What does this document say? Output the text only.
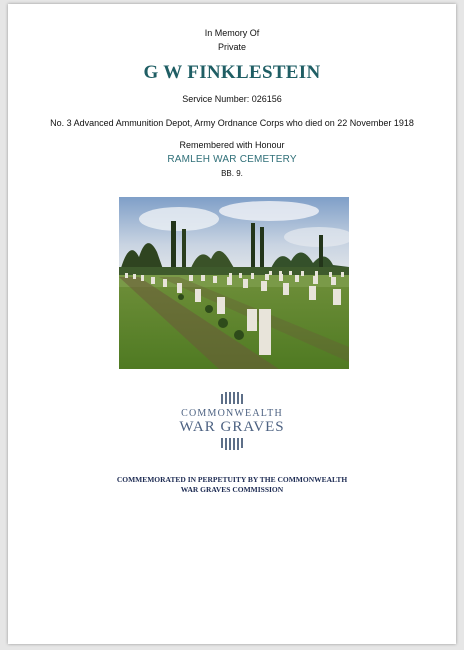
In Memory Of
Private
G W FINKLESTEIN
Service Number: 026156
No. 3 Advanced Ammunition Depot, Army Ordnance Corps who died on 22 November 1918
Remembered with Honour
RAMLEH WAR CEMETERY
BB. 9.
COMMONWEALTH
WAR GRAVES
COMMEMORATED IN PERPETUITY BY THE COMMONWEALTH
WAR GRAVES COMMISSION
